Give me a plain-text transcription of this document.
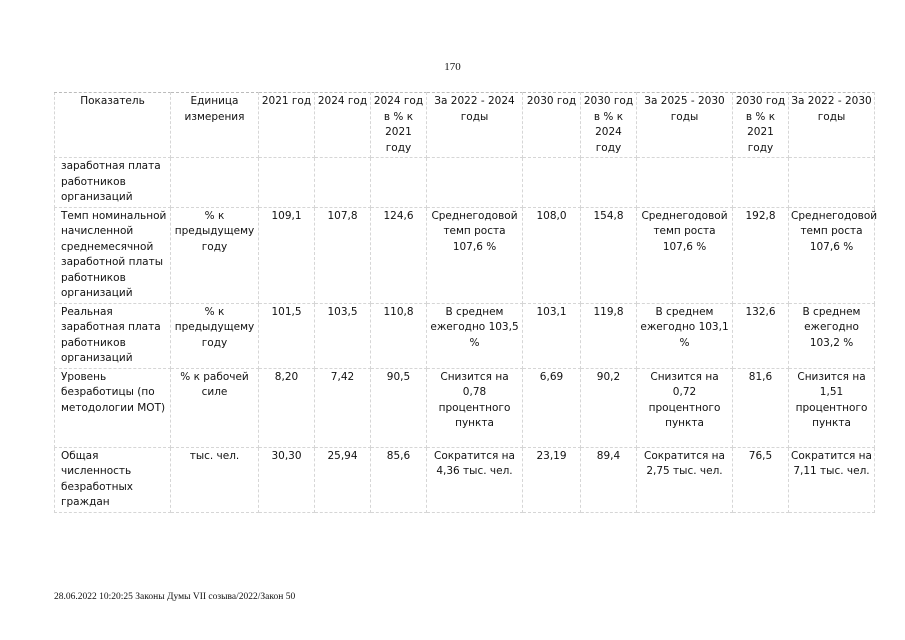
170
Показатель	Единица измерения	2021 год	2024 год	2024 год в % к 2021 году	За 2022 - 2024 годы	2030 год	2030 год в % к 2024 году	За 2025 - 2030 годы	2030 год в % к 2021 году	За 2022 - 2030 годы
заработная плата работников организаций										
Темп номинальной начисленной среднемесячной заработной платы работников организаций	% к предыдущему году	109,1	107,8	124,6	Среднегодовой темп роста 107,6 %	108,0	154,8	Среднегодовой темп роста 107,6 %	192,8	Среднегодовой темп роста 107,6 %
Реальная заработная плата работников организаций	% к предыдущему году	101,5	103,5	110,8	В среднем ежегодно 103,5 %	103,1	119,8	В среднем ежегодно 103,1 %	132,6	В среднем ежегодно 103,2 %
Уровень безработицы (по методологии МОТ)	% к рабочей силе	8,20	7,42	90,5	Снизится на 0,78 процентного пункта	6,69	90,2	Снизится на 0,72 процентного пункта	81,6	Снизится на 1,51 процентного пункта
Общая численность безработных граждан	тыс. чел.	30,30	25,94	85,6	Сократится на 4,36 тыс. чел.	23,19	89,4	Сократится на 2,75 тыс. чел.	76,5	Сократится на 7,11 тыс. чел.
28.06.2022 10:20:25 Законы Думы VII созыва/2022/Закон 50
